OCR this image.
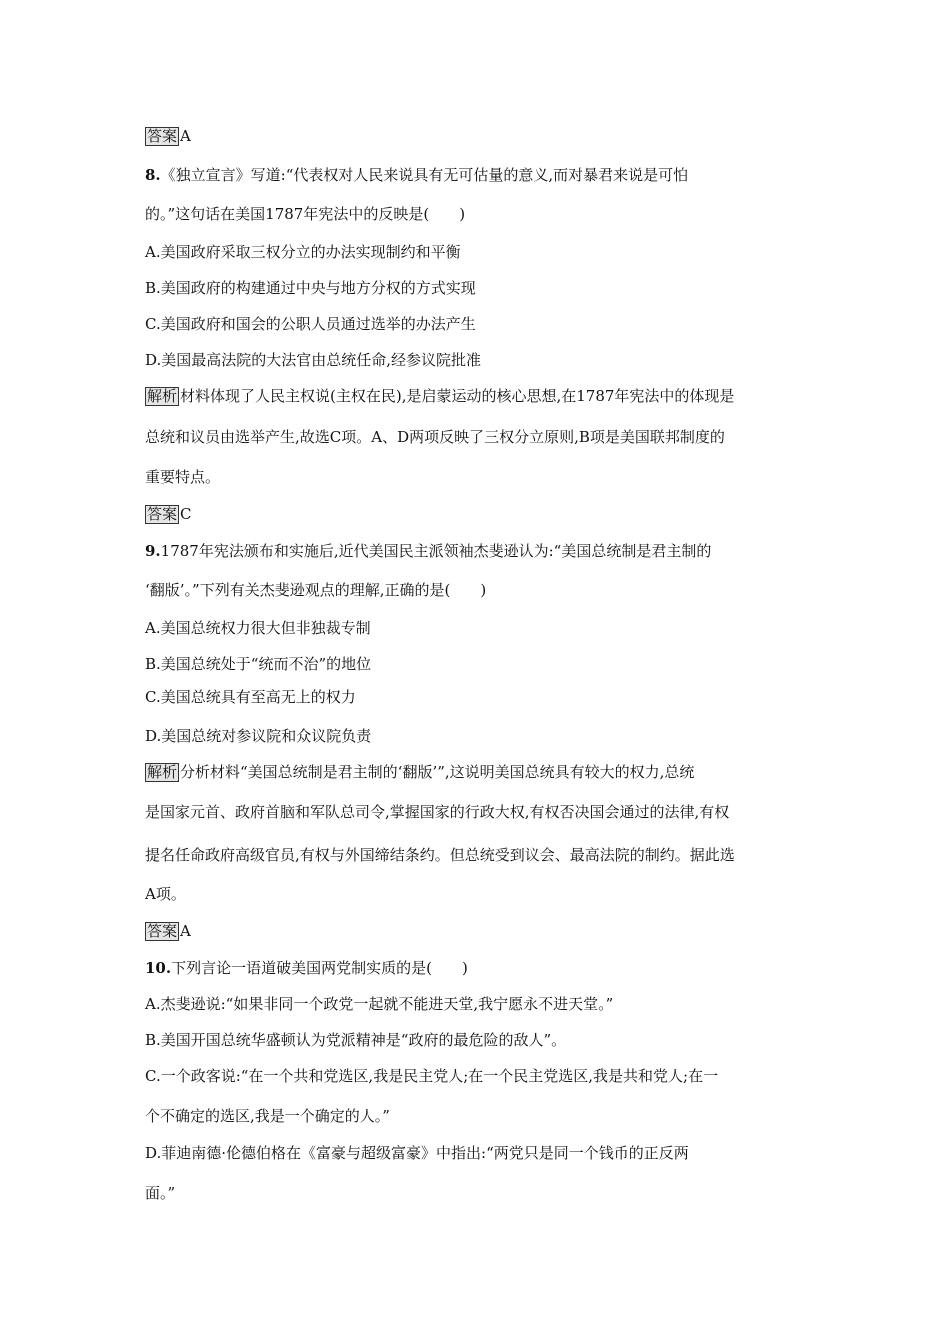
答案 A
8.《独立宣言》写道:“代表权对人民来说具有无可估量的意义,而对暴君来说是可怕
的。”这句话在美国1787年宪法中的反映是(　　)
A.美国政府采取三权分立的办法实现制约和平衡
B.美国政府的构建通过中央与地方分权的方式实现
C.美国政府和国会的公职人员通过选举的办法产生
D.美国最高法院的大法官由总统任命,经参议院批准
解析 材料体现了人民主权说(主权在民),是启蒙运动的核心思想,在1787年宪法中的体现是
总统和议员由选举产生,故选C项。A、D两项反映了三权分立原则,B项是美国联邦制度的
重要特点。
答案 C
9.1787年宪法颁布和实施后,近代美国民主派领袖杰斐逊认为:“美国总统制是君主制的
‘翻版’。”下列有关杰斐逊观点的理解,正确的是(　　)
A.美国总统权力很大但非独裁专制
B.美国总统处于“统而不治”的地位
C.美国总统具有至高无上的权力
D.美国总统对参议院和众议院负责
解析 分析材料“美国总统制是君主制的‘翻版’”,这说明美国总统具有较大的权力,总统
是国家元首、政府首脑和军队总司令,掌握国家的行政大权,有权否决国会通过的法律,有权
提名任命政府高级官员,有权与外国缔结条约。但总统受到议会、最高法院的制约。据此选
A项。
答案 A
10.下列言论一语道破美国两党制实质的是(　　)
A.杰斐逊说:“如果非同一个政党一起就不能进天堂,我宁愿永不进天堂。”
B.美国开国总统华盛顿认为党派精神是“政府的最危险的敌人”。
C.一个政客说:“在一个共和党选区,我是民主党人;在一个民主党选区,我是共和党人;在一
个不确定的选区,我是一个确定的人。”
D.菲迪南德·伦德伯格在《富豪与超级富豪》中指出:“两党只是同一个钱币的正反两
面。”
